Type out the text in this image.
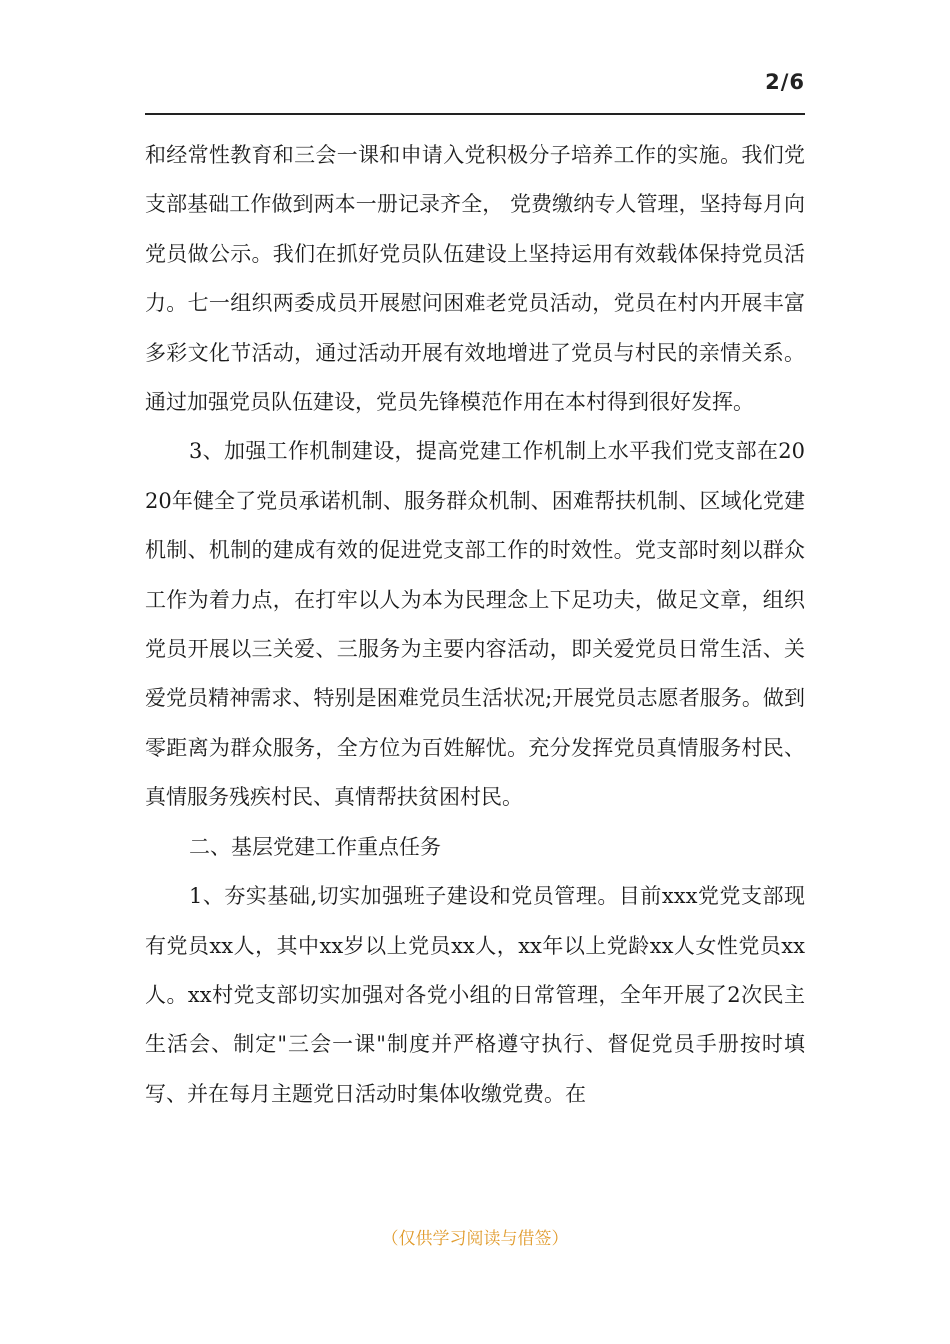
2/6

和经常性教育和三会一课和申请入党积极分子培养工作的实施。我们党支部基础工作做到两本一册记录齐全， 党费缴纳专人管理，坚持每月向党员做公示。我们在抓好党员队伍建设上坚持运用有效载体保持党员活力。七一组织两委成员开展慰问困难老党员活动，党员在村内开展丰富多彩文化节活动，通过活动开展有效地增进了党员与村民的亲情关系。通过加强党员队伍建设，党员先锋模范作用在本村得到很好发挥。

3、加强工作机制建设，提高党建工作机制上水平我们党支部在2020年健全了党员承诺机制、服务群众机制、困难帮扶机制、区域化党建机制、机制的建成有效的促进党支部工作的时效性。党支部时刻以群众工作为着力点，在打牢以人为本为民理念上下足功夫，做足文章，组织党员开展以三关爱、三服务为主要内容活动，即关爱党员日常生活、关爱党员精神需求、特别是困难党员生活状况;开展党员志愿者服务。做到零距离为群众服务，全方位为百姓解忧。充分发挥党员真情服务村民、真情服务残疾村民、真情帮扶贫困村民。

二、基层党建工作重点任务

1、夯实基础,切实加强班子建设和党员管理。目前xxx党党支部现有党员xx人，其中xx岁以上党员xx人，xx年以上党龄xx人女性党员xx人。xx村党支部切实加强对各党小组的日常管理，全年开展了2次民主生活会、制定"三会一课"制度并严格遵守执行、督促党员手册按时填写、并在每月主题党日活动时集体收缴党费。在

（仅供学习阅读与借签）
